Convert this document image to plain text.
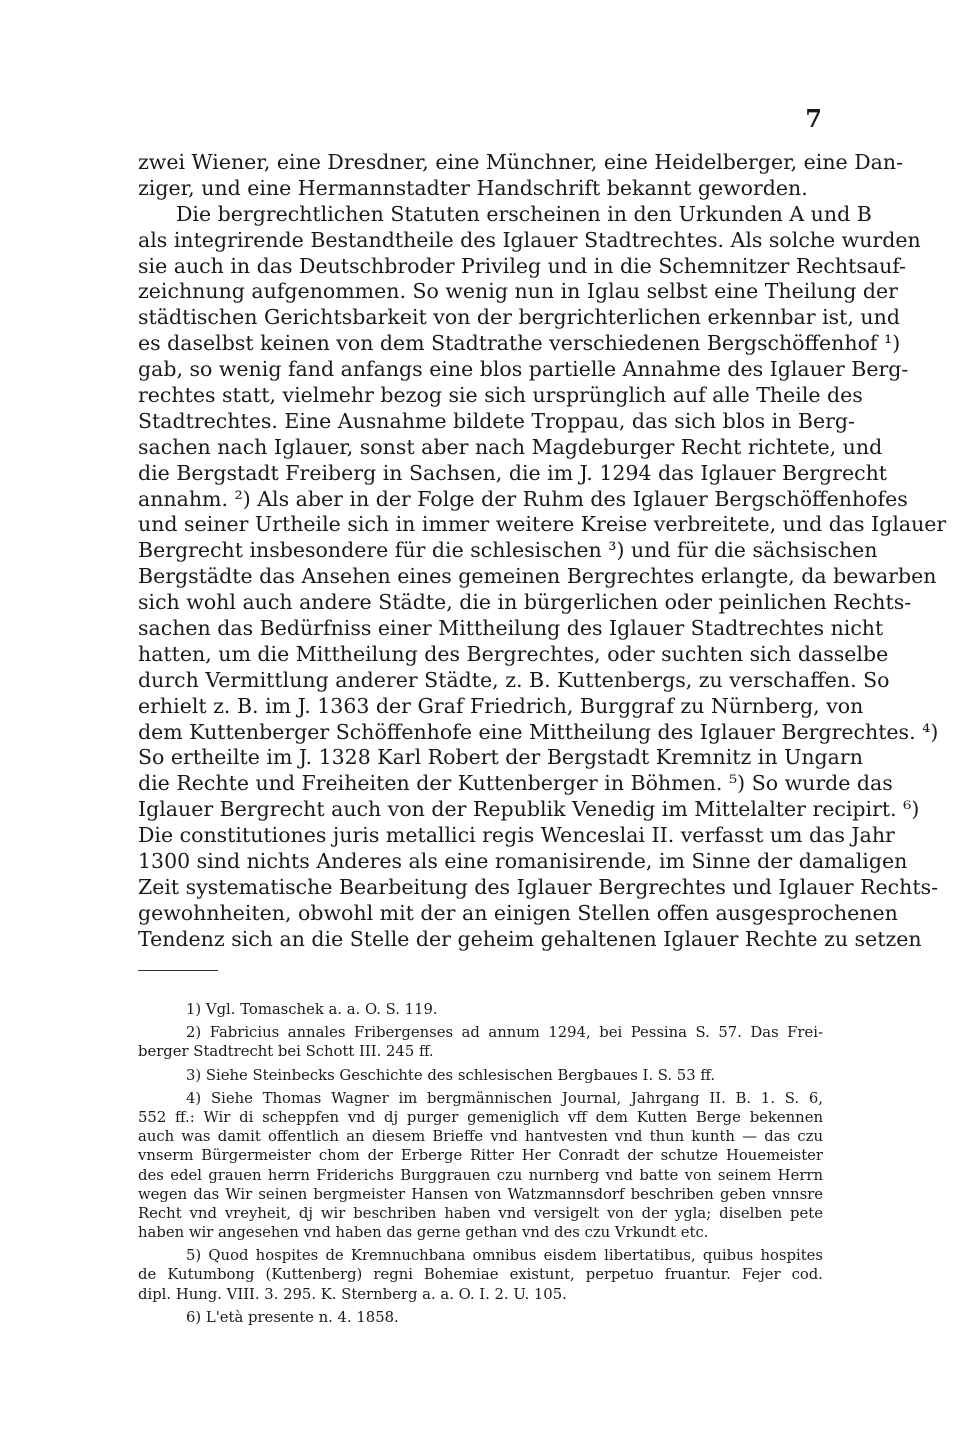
7
zwei Wiener, eine Dresdner, eine Münchner, eine Heidelberger, eine Dan-
ziger, und eine Hermannstadter Handschrift bekannt geworden.
Die bergrechtlichen Statuten erscheinen in den Urkunden A und B
als integrirende Bestandtheile des Iglauer Stadtrechtes. Als solche wurden
sie auch in das Deutschbroder Privileg und in die Schemnitzer Rechtsauf-
zeichnung aufgenommen. So wenig nun in Iglau selbst eine Theilung der
städtischen Gerichtsbarkeit von der bergrichterlichen erkennbar ist, und
es daselbst keinen von dem Stadtrathe verschiedenen Bergschöffenhof ¹)
gab, so wenig fand anfangs eine blos partielle Annahme des Iglauer Berg-
rechtes statt, vielmehr bezog sie sich ursprünglich auf alle Theile des
Stadtrechtes. Eine Ausnahme bildete Troppau, das sich blos in Berg-
sachen nach Iglauer, sonst aber nach Magdeburger Recht richtete, und
die Bergstadt Freiberg in Sachsen, die im J. 1294 das Iglauer Bergrecht
annahm. ²) Als aber in der Folge der Ruhm des Iglauer Bergschöffenhofes
und seiner Urtheile sich in immer weitere Kreise verbreitete, und das Iglauer
Bergrecht insbesondere für die schlesischen ³) und für die sächsischen
Bergstädte das Ansehen eines gemeinen Bergrechtes erlangte, da bewarben
sich wohl auch andere Städte, die in bürgerlichen oder peinlichen Rechts-
sachen das Bedürfniss einer Mittheilung des Iglauer Stadtrechtes nicht
hatten, um die Mittheilung des Bergrechtes, oder suchten sich dasselbe
durch Vermittlung anderer Städte, z. B. Kuttenbergs, zu verschaffen. So
erhielt z. B. im J. 1363 der Graf Friedrich, Burggraf zu Nürnberg, von
dem Kuttenberger Schöffenhofe eine Mittheilung des Iglauer Bergrechtes. ⁴)
So ertheilte im J. 1328 Karl Robert der Bergstadt Kremnitz in Ungarn
die Rechte und Freiheiten der Kuttenberger in Böhmen. ⁵) So wurde das
Iglauer Bergrecht auch von der Republik Venedig im Mittelalter recipirt. ⁶)
Die constitutiones juris metallici regis Wenceslai II. verfasst um das Jahr
1300 sind nichts Anderes als eine romanisirende, im Sinne der damaligen
Zeit systematische Bearbeitung des Iglauer Bergrechtes und Iglauer Rechts-
gewohnheiten, obwohl mit der an einigen Stellen offen ausgesprochenen
Tendenz sich an die Stelle der geheim gehaltenen Iglauer Rechte zu setzen
1) Vgl. Tomaschek a. a. O. S. 119.
2) Fabricius annales Fribergenses ad annum 1294, bei Pessina S. 57. Das Frei-
berger Stadtrecht bei Schott III. 245 ff.
3) Siehe Steinbecks Geschichte des schlesischen Bergbaues I. S. 53 ff.
4) Siehe Thomas Wagner im bergmännischen Journal, Jahrgang II. B. 1. S. 6,
552 ff.: Wir di scheppfen vnd dj purger gemeniglich vff dem Kutten Berge bekennen
auch was damit offentlich an diesem Brieffe vnd hantvesten vnd thun kunth — das czu
vnserm Bürgermeister chom der Erberge Ritter Her Conradt der schutze Houemeister
des edel grauen herrn Friderichs Burggrauen czu nurnberg vnd batte von seinem Herrn
wegen das Wir seinen bergmeister Hansen von Watzmannsdorf beschriben geben vnnsre
Recht vnd vreyheit, dj wir beschriben haben vnd versigelt von der ygla; diselben pete
haben wir angesehen vnd haben das gerne gethan vnd des czu Vrkundt etc.
5) Quod hospites de Kremnuchbana omnibus eisdem libertatibus, quibus hospites
de Kutumbong (Kuttenberg) regni Bohemiae existunt, perpetuo fruantur. Fejer cod.
dipl. Hung. VIII. 3. 295. K. Sternberg a. a. O. I. 2. U. 105.
6) L'età presente n. 4. 1858.
